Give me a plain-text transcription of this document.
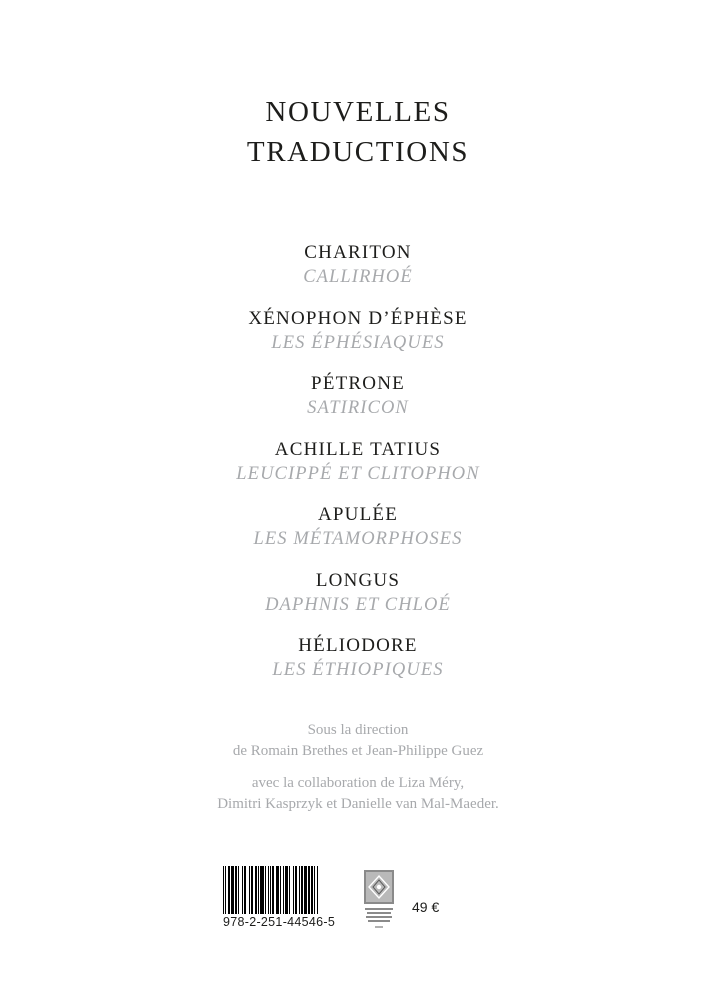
NOUVELLES
TRADUCTIONS
CHARITON
CALLIRHOÉ
XÉNOPHON D’ÉPHÈSE
LES ÉPHÉSIAQUES
PÉTRONE
SATIRICON
ACHILLE TATIUS
LEUCIPPÉ ET CLITOPHON
APULÉE
LES MÉTAMORPHOSES
LONGUS
DAPHNIS ET CHLOÉ
HÉLIODORE
LES ÉTHIOPIQUES
Sous la direction
de Romain Brethes et Jean-Philippe Guez
avec la collaboration de Liza Méry,
Dimitri Kasprzyk et Danielle van Mal-Maeder.
978-2-251-44546-5
49 €
